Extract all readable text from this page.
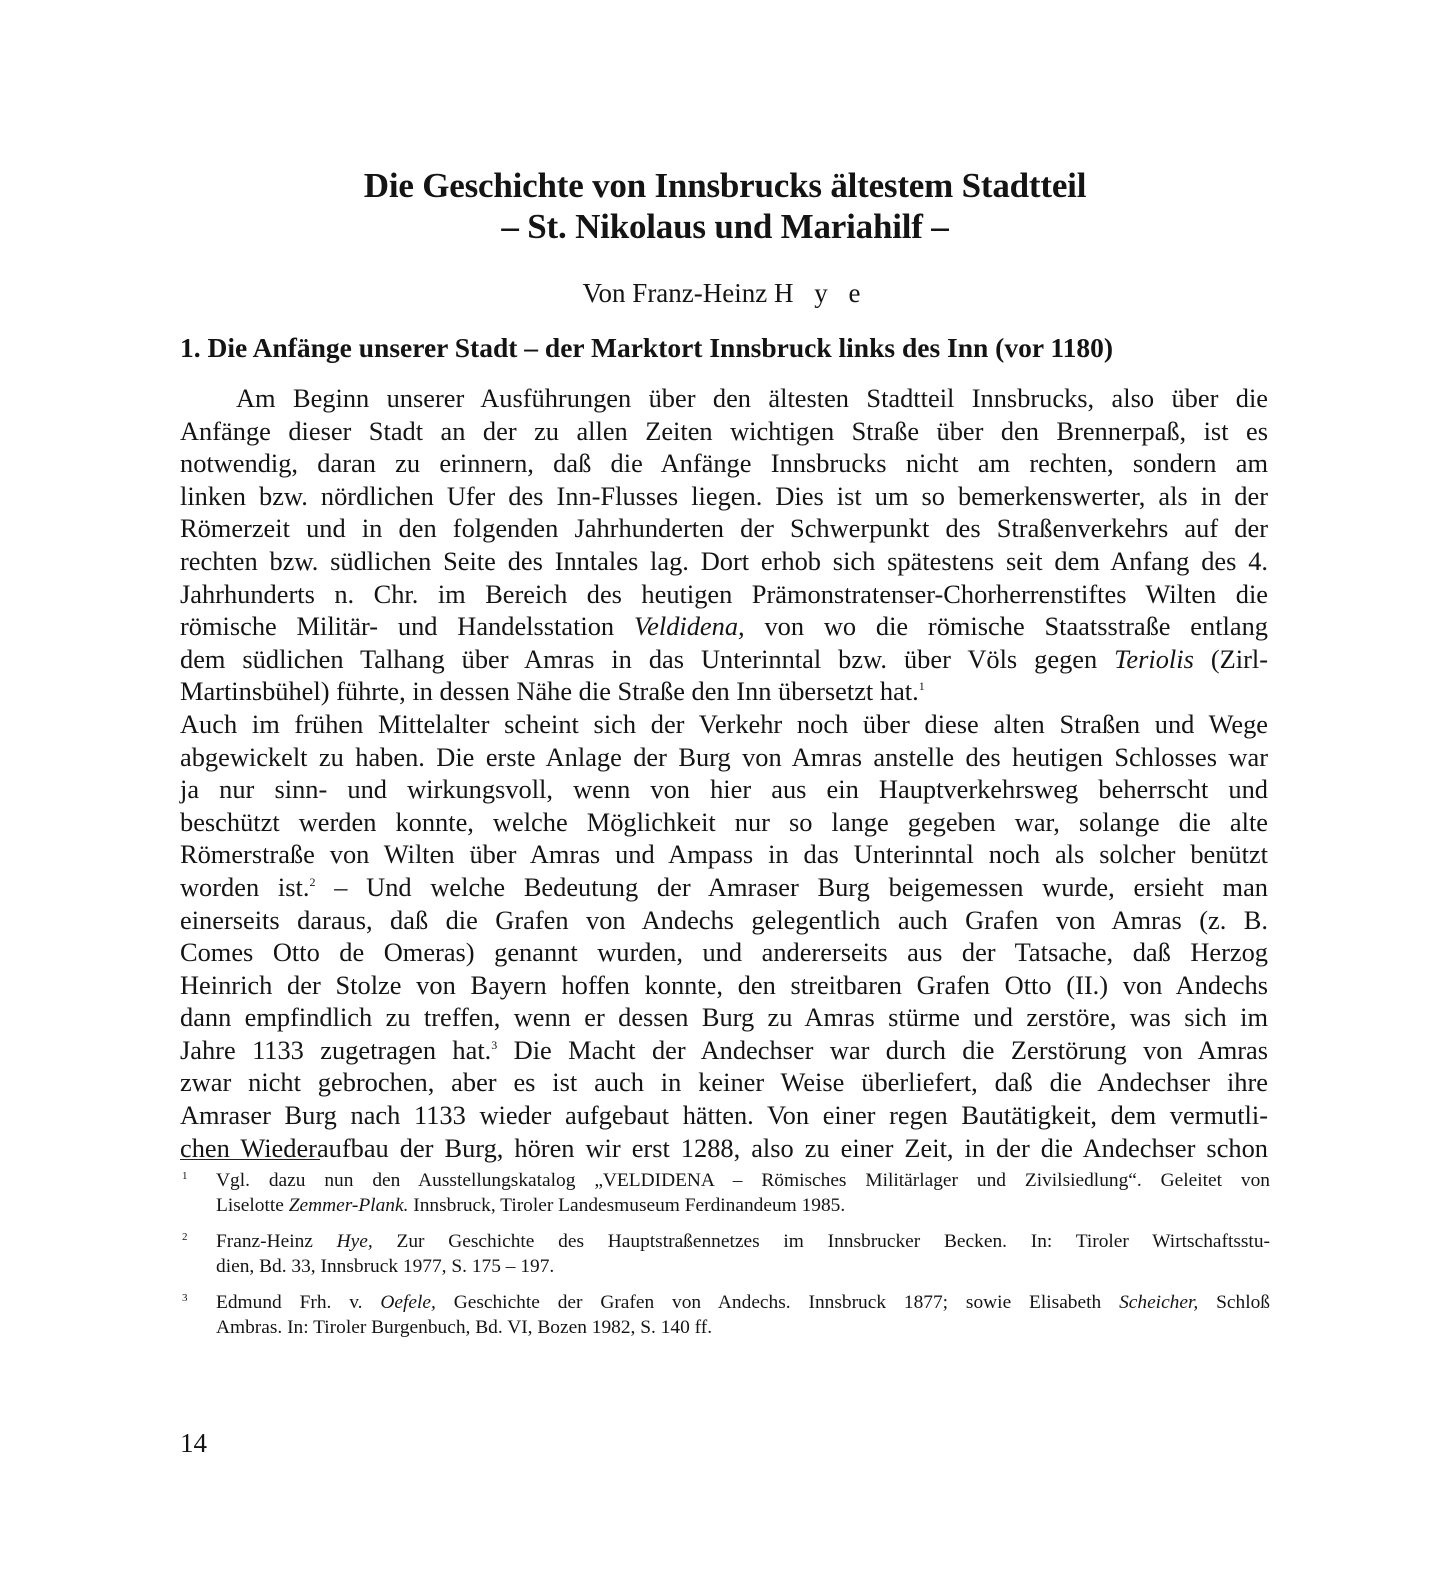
Die Geschichte von Innsbrucks ältestem Stadtteil
– St. Nikolaus und Mariahilf –
Von Franz-Heinz H y e
1. Die Anfänge unserer Stadt – der Marktort Innsbruck links des Inn (vor 1180)
Am Beginn unserer Ausführungen über den ältesten Stadtteil Innsbrucks, also über die
Anfänge dieser Stadt an der zu allen Zeiten wichtigen Straße über den Brennerpaß, ist es
notwendig, daran zu erinnern, daß die Anfänge Innsbrucks nicht am rechten, sondern am
linken bzw. nördlichen Ufer des Inn-Flusses liegen. Dies ist um so bemerkenswerter, als in der
Römerzeit und in den folgenden Jahrhunderten der Schwerpunkt des Straßenverkehrs auf der
rechten bzw. südlichen Seite des Inntales lag. Dort erhob sich spätestens seit dem Anfang des 4.
Jahrhunderts n. Chr. im Bereich des heutigen Prämonstratenser-Chorherrenstiftes Wilten die
römische Militär- und Handelsstation Veldidena, von wo die römische Staatsstraße entlang
dem südlichen Talhang über Amras in das Unterinntal bzw. über Völs gegen Teriolis (Zirl-
Martinsbühel) führte, in dessen Nähe die Straße den Inn übersetzt hat.$^1$
Auch im frühen Mittelalter scheint sich der Verkehr noch über diese alten Straßen und Wege
abgewickelt zu haben. Die erste Anlage der Burg von Amras anstelle des heutigen Schlosses war
ja nur sinn- und wirkungsvoll, wenn von hier aus ein Hauptverkehrsweg beherrscht und
beschützt werden konnte, welche Möglichkeit nur so lange gegeben war, solange die alte
Römerstraße von Wilten über Amras und Ampass in das Unterinntal noch als solcher benützt
worden ist.$^2$ – Und welche Bedeutung der Amraser Burg beigemessen wurde, ersieht man
einerseits daraus, daß die Grafen von Andechs gelegentlich auch Grafen von Amras (z. B.
Comes Otto de Omeras) genannt wurden, und andererseits aus der Tatsache, daß Herzog
Heinrich der Stolze von Bayern hoffen konnte, den streitbaren Grafen Otto (II.) von Andechs
dann empfindlich zu treffen, wenn er dessen Burg zu Amras stürme und zerstöre, was sich im
Jahre 1133 zugetragen hat.$^3$ Die Macht der Andechser war durch die Zerstörung von Amras
zwar nicht gebrochen, aber es ist auch in keiner Weise überliefert, daß die Andechser ihre
Amraser Burg nach 1133 wieder aufgebaut hätten. Von einer regen Bautätigkeit, dem vermutli-
chen Wiederaufbau der Burg, hören wir erst 1288, also zu einer Zeit, in der die Andechser schon
1 Vgl. dazu nun den Ausstellungskatalog „VELDIDENA – Römisches Militärlager und Zivilsiedlung“. Geleitet von
Liselotte Zemmer-Plank. Innsbruck, Tiroler Landesmuseum Ferdinandeum 1985.
2 Franz-Heinz Hye, Zur Geschichte des Hauptstraßennetzes im Innsbrucker Becken. In: Tiroler Wirtschaftsstu-
dien, Bd. 33, Innsbruck 1977, S. 175 – 197.
3 Edmund Frh. v. Oefele, Geschichte der Grafen von Andechs. Innsbruck 1877; sowie Elisabeth Scheicher, Schloß
Ambras. In: Tiroler Burgenbuch, Bd. VI, Bozen 1982, S. 140 ff.
14
